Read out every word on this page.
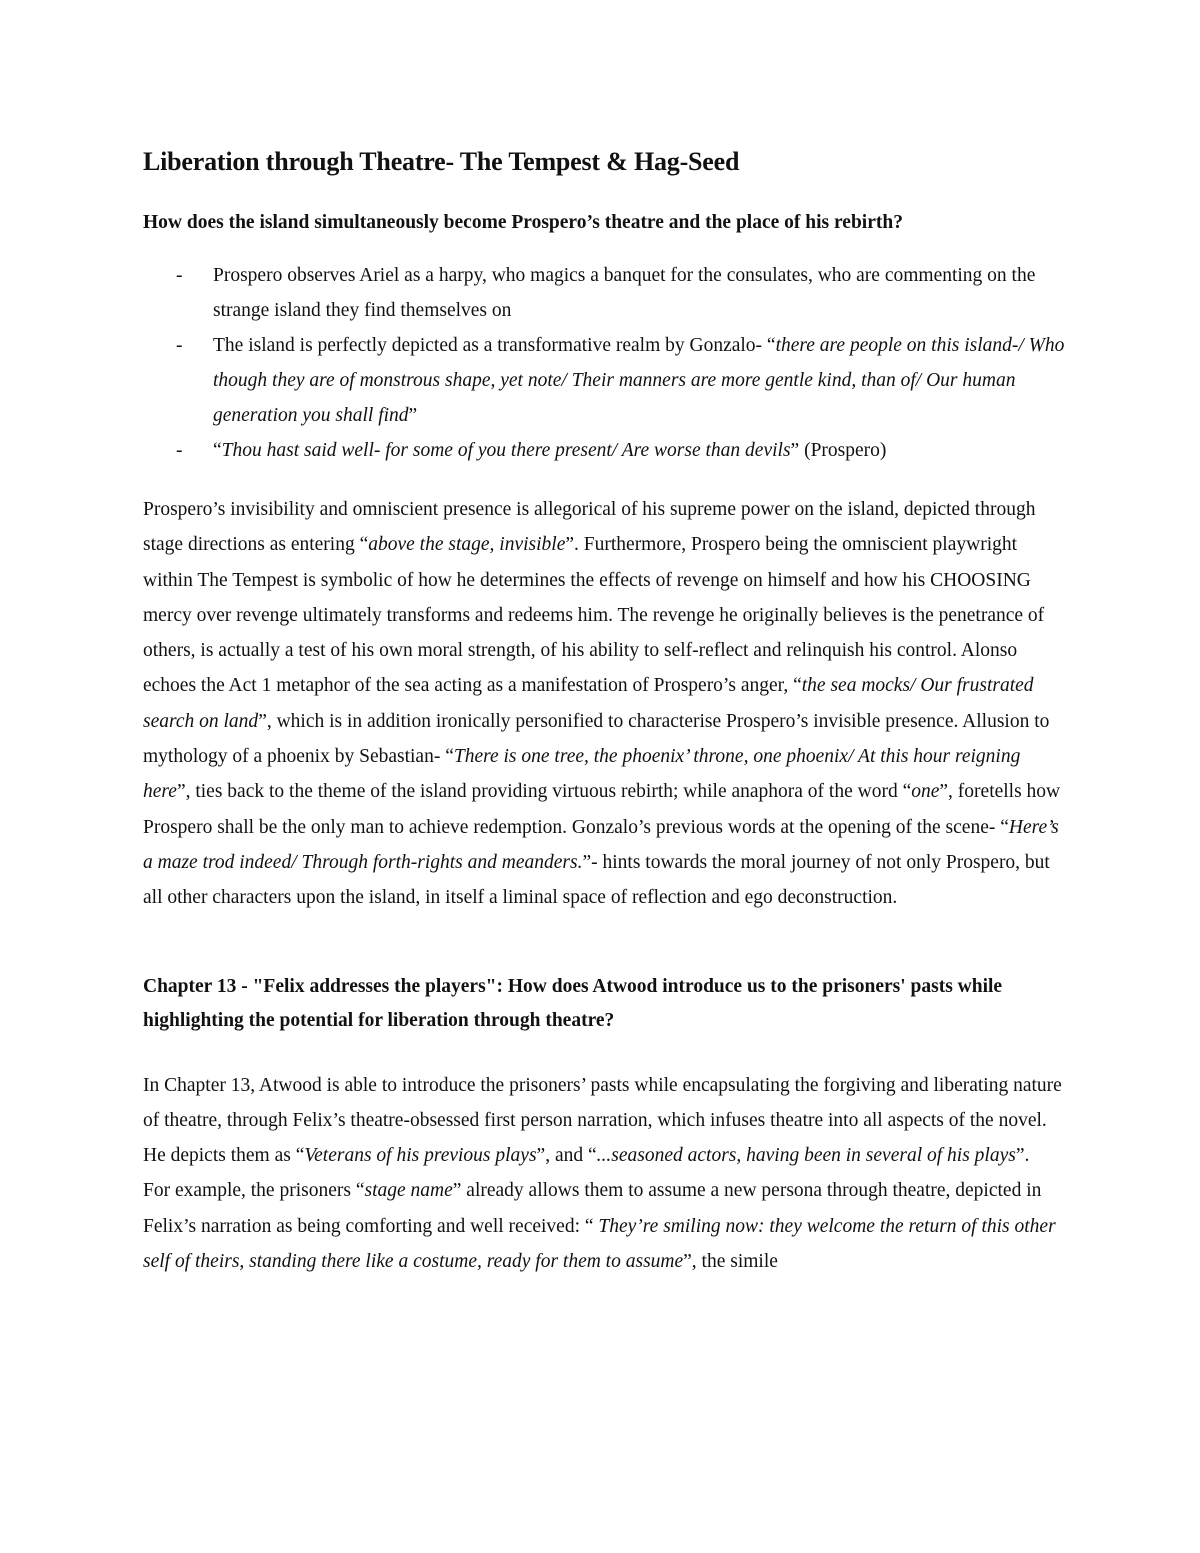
Liberation through Theatre- The Tempest & Hag-Seed

How does the island simultaneously become Prospero’s theatre and the place of his rebirth?

- Prospero observes Ariel as a harpy, who magics a banquet for the consulates, who are commenting on the strange island they find themselves on
- The island is perfectly depicted as a transformative realm by Gonzalo- “there are people on this island-/ Who though they are of monstrous shape, yet note/ Their manners are more gentle kind, than of/ Our human generation you shall find”
- “Thou hast said well- for some of you there present/ Are worse than devils” (Prospero)

Prospero’s invisibility and omniscient presence is allegorical of his supreme power on the island, depicted through stage directions as entering “above the stage, invisible”. Furthermore, Prospero being the omniscient playwright within The Tempest is symbolic of how he determines the effects of revenge on himself and how his CHOOSING mercy over revenge ultimately transforms and redeems him. The revenge he originally believes is the penetrance of others, is actually a test of his own moral strength, of his ability to self-reflect and relinquish his control. Alonso echoes the Act 1 metaphor of the sea acting as a manifestation of Prospero’s anger, “the sea mocks/ Our frustrated search on land”, which is in addition ironically personified to characterise Prospero’s invisible presence. Allusion to mythology of a phoenix by Sebastian- “There is one tree, the phoenix’ throne, one phoenix/ At this hour reigning here”, ties back to the theme of the island providing virtuous rebirth; while anaphora of the word “one”, foretells how Prospero shall be the only man to achieve redemption. Gonzalo’s previous words at the opening of the scene- “Here’s a maze trod indeed/ Through forth-rights and meanders.”- hints towards the moral journey of not only Prospero, but all other characters upon the island, in itself a liminal space of reflection and ego deconstruction.

Chapter 13 - "Felix addresses the players": How does Atwood introduce us to the prisoners' pasts while highlighting the potential for liberation through theatre?

In Chapter 13, Atwood is able to introduce the prisoners’ pasts while encapsulating the forgiving and liberating nature of theatre, through Felix’s theatre-obsessed first person narration, which infuses theatre into all aspects of the novel. He depicts them as “Veterans of his previous plays”, and “...seasoned actors, having been in several of his plays”.

For example, the prisoners “stage name” already allows them to assume a new persona through theatre, depicted in Felix’s narration as being comforting and well received: “ They’re smiling now: they welcome the return of this other self of theirs, standing there like a costume, ready for them to assume”, the simile
